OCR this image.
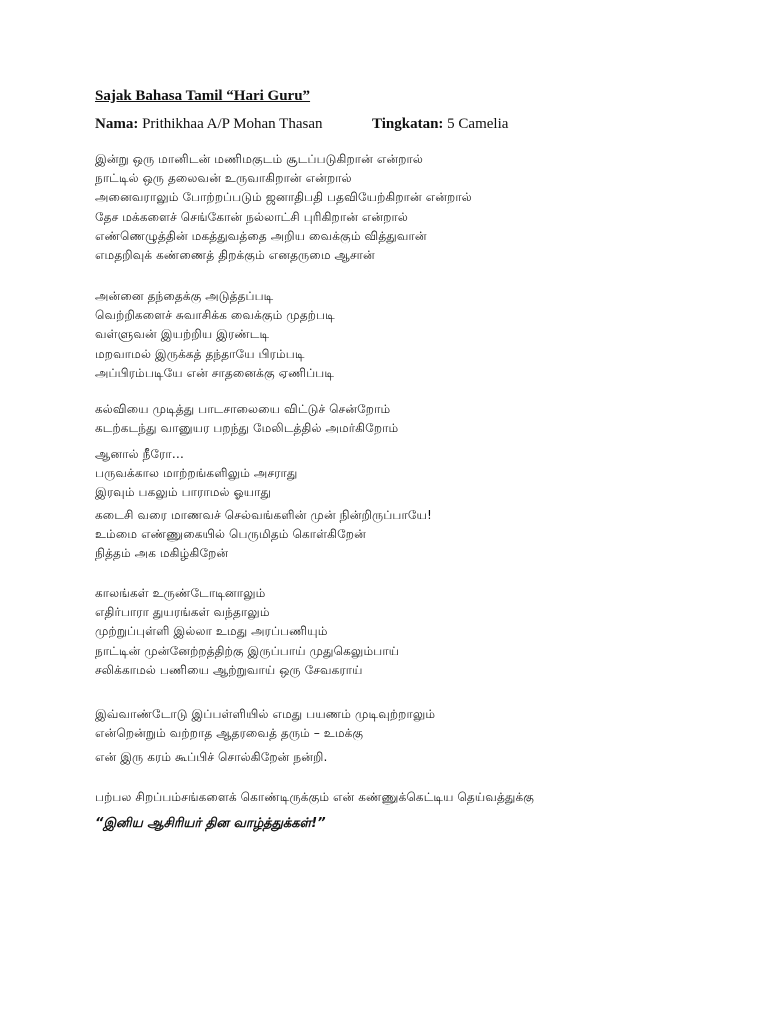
Sajak Bahasa Tamil “Hari Guru”
Nama: Prithikhaa A/P Mohan Thasan	Tingkatan: 5 Camelia
இன்று ஒரு மானிடன் மணிமகுடம் சூடப்படுகிறான் என்றால்
நாட்டில் ஒரு தலைவன் உருவாகிறான் என்றால்
அனைவராலும் போற்றப்படும் ஜனாதிபதி பதவியேற்கிறான் என்றால்
தேச மக்களைச் செங்கோன் நல்லாட்சி புரிகிறான் என்றால்
எண்ணெழுத்தின் மகத்துவத்தை அறிய வைக்கும் வித்துவான்
எமதறிவுக் கண்ணைத் திறக்கும் எனதருமை ஆசான்
அன்னை தந்தைக்கு அடுத்தப்படி
வெற்றிகளைச் சுவாசிக்க வைக்கும் முதற்படி
வள்ளுவன் இயற்றிய இரண்டடி
மறவாமல் இருக்கத் தந்தாயே பிரம்படி
அப்பிரம்படியே என் சாதனைக்கு ஏணிப்படி
கல்வியை முடித்து பாடசாலையை விட்டுச் சென்றோம்
கடற்கடந்து வானுயர பறந்து மேலிடத்தில் அமர்கிறோம்
ஆனால் நீரோ…
பருவக்கால மாற்றங்களிலும் அசராது
இரவும் பகலும் பாராமல் ஓயாது
கடைசி வரை மாணவச் செல்வங்களின் முன் நின்றிருப்பாயே!
உம்மை எண்ணுகையில் பெருமிதம் கொள்கிறேன்
நித்தம் அக மகிழ்கிறேன்
காலங்கள் உருண்டோடினாலும்
எதிர்பாரா துயரங்கள் வந்தாலும்
முற்றுப்புள்ளி இல்லா உமது அரப்பணியும்
நாட்டின் முன்னேற்றத்திற்கு இருப்பாய் முதுகெலும்பாய்
சலிக்காமல் பணியை ஆற்றுவாய் ஒரு சேவகராய்
இவ்வாண்டோடு இப்பள்ளியில் எமது பயணம் முடிவுற்றாலும்
என்றென்றும் வற்றாத ஆதரவைத் தரும் – உமக்கு
என் இரு கரம் கூப்பிச் சொல்கிறேன் நன்றி.
பற்பல சிறப்பம்சங்களைக் கொண்டிருக்கும் என் கண்ணுக்கெட்டிய தெய்வத்துக்கு
“இனிய ஆசிரியர் தின வாழ்த்துக்கள்!”
